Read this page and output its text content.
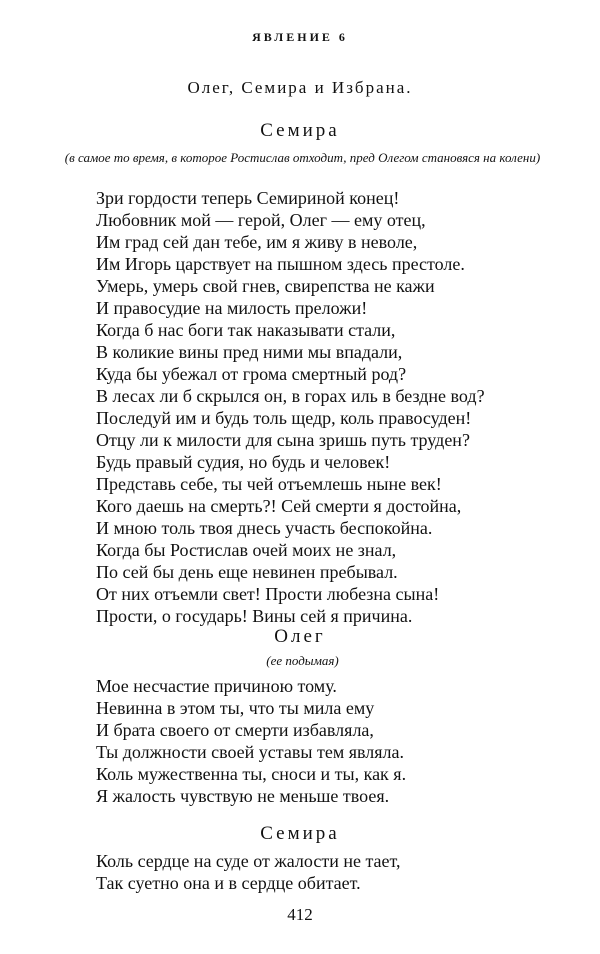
ЯВЛЕНИЕ 6
Олег, Семира и Избрана.
Семира
(в самое то время, в которое Ростислав отходит, пред Олегом становяся на колени)
Зри гордости теперь Семириной конец!
Любовник мой — герой, Олег — ему отец,
Им град сей дан тебе, им я живу в неволе,
Им Игорь царствует на пышном здесь престоле.
Умерь, умерь свой гнев, свирепства не кажи
И правосудие на милость преложи!
Когда б нас боги так наказывати стали,
В коликие вины пред ними мы впадали,
Куда бы убежал от грома смертный род?
В лесах ли б скрылся он, в горах иль в бездне вод?
Последуй им и будь толь щедр, коль правосуден!
Отцу ли к милости для сына зришь путь труден?
Будь правый судия, но будь и человек!
Представь себе, ты чей отъемлешь ныне век!
Кого даешь на смерть?! Сей смерти я достойна,
И мною толь твоя днесь участь беспокойна.
Когда бы Ростислав очей моих не знал,
По сей бы день еще невинен пребывал.
От них отъемли свет! Прости любезна сына!
Прости, о государь! Вины сей я причина.
Олег
(ее подымая)
Мое несчастие причиною тому.
Невинна в этом ты, что ты мила ему
И брата своего от смерти избавляла,
Ты должности своей уставы тем являла.
Коль мужественна ты, сноси и ты, как я.
Я жалость чувствую не меньше твоея.
Семира
Коль сердце на суде от жалости не тает,
Так суетно она и в сердце обитает.
412
